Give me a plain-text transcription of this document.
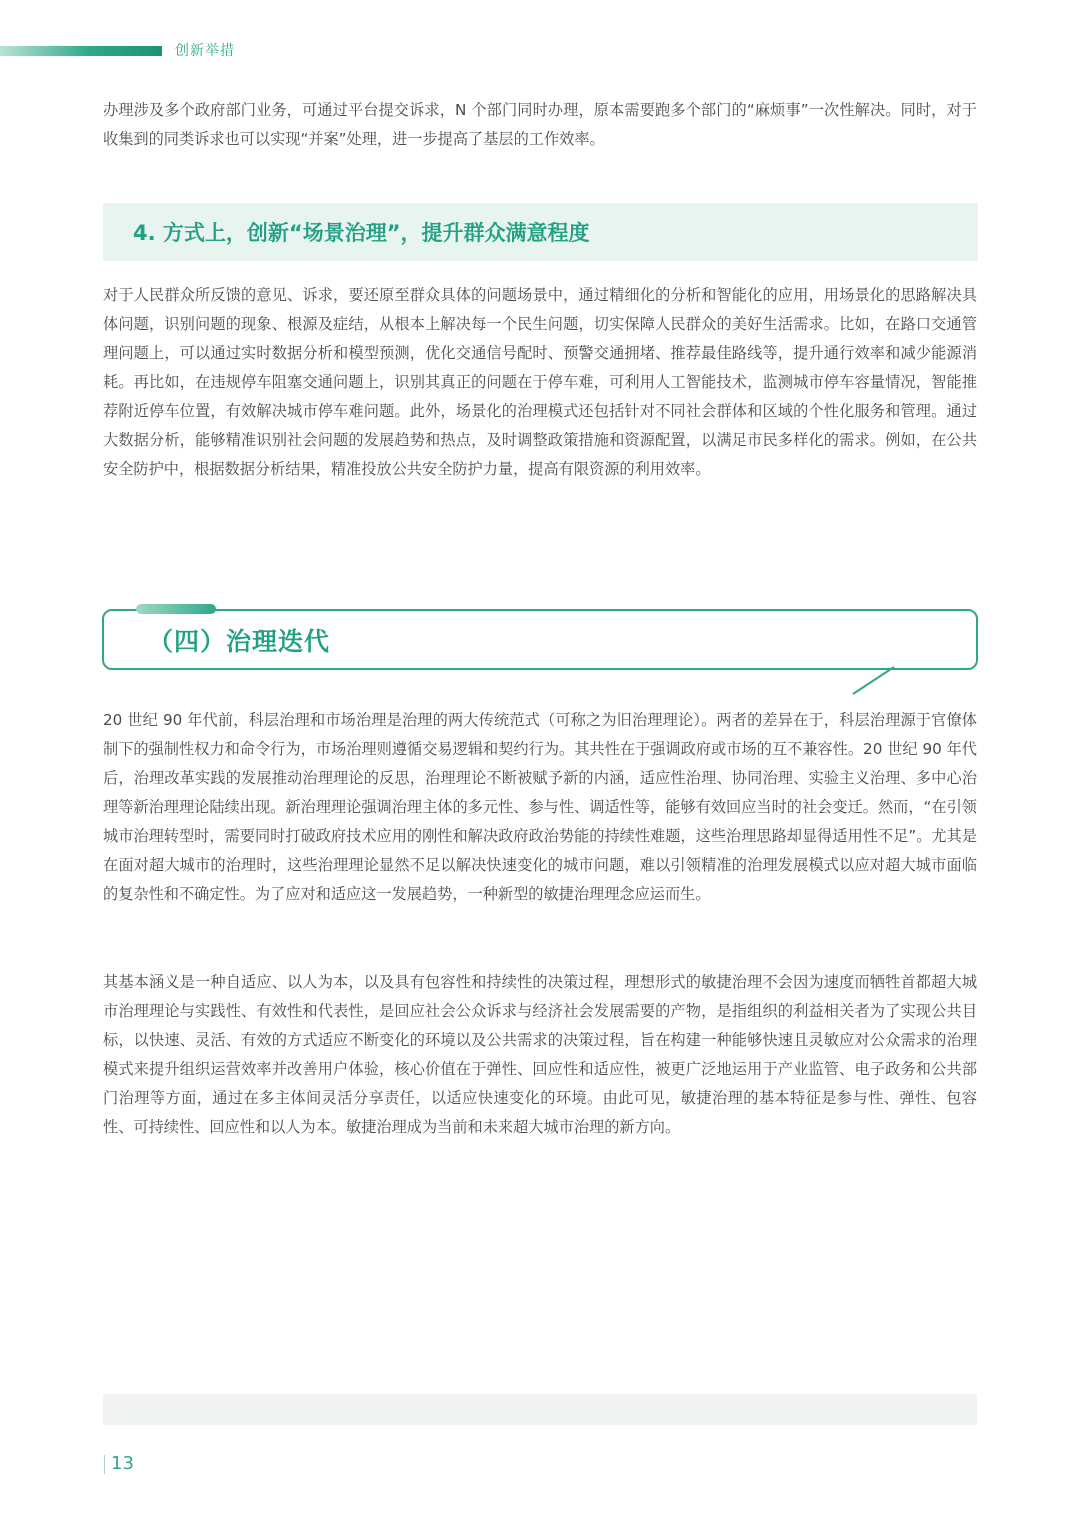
创新举措

办理涉及多个政府部门业务，可通过平台提交诉求，N 个部门同时办理，原本需要跑多个部门的“麻烦事”一次性解决。同时，对于收集到的同类诉求也可以实现“并案”处理，进一步提高了基层的工作效率。

4. 方式上，创新“场景治理”，提升群众满意程度

对于人民群众所反馈的意见、诉求，要还原至群众具体的问题场景中，通过精细化的分析和智能化的应用，用场景化的思路解决具体问题，识别问题的现象、根源及症结，从根本上解决每一个民生问题，切实保障人民群众的美好生活需求。比如，在路口交通管理问题上，可以通过实时数据分析和模型预测，优化交通信号配时、预警交通拥堵、推荐最佳路线等，提升通行效率和减少能源消耗。再比如，在违规停车阻塞交通问题上，识别其真正的问题在于停车难，可利用人工智能技术，监测城市停车容量情况，智能推荐附近停车位置，有效解决城市停车难问题。此外，场景化的治理模式还包括针对不同社会群体和区域的个性化服务和管理。通过大数据分析，能够精准识别社会问题的发展趋势和热点，及时调整政策措施和资源配置，以满足市民多样化的需求。例如，在公共安全防护中，根据数据分析结果，精准投放公共安全防护力量，提高有限资源的利用效率。

（四）治理迭代

20 世纪 90 年代前，科层治理和市场治理是治理的两大传统范式（可称之为旧治理理论）。两者的差异在于，科层治理源于官僚体制下的强制性权力和命令行为，市场治理则遵循交易逻辑和契约行为。其共性在于强调政府或市场的互不兼容性。20 世纪 90 年代后，治理改革实践的发展推动治理理论的反思，治理理论不断被赋予新的内涵，适应性治理、协同治理、实验主义治理、多中心治理等新治理理论陆续出现。新治理理论强调治理主体的多元性、参与性、调适性等，能够有效回应当时的社会变迁。然而，“在引领城市治理转型时，需要同时打破政府技术应用的刚性和解决政府政治势能的持续性难题，这些治理思路却显得适用性不足”。尤其是在面对超大城市的治理时，这些治理理论显然不足以解决快速变化的城市问题，难以引领精准的治理发展模式以应对超大城市面临的复杂性和不确定性。为了应对和适应这一发展趋势，一种新型的敏捷治理理念应运而生。

其基本涵义是一种自适应、以人为本，以及具有包容性和持续性的决策过程，理想形式的敏捷治理不会因为速度而牺牲首都超大城市治理理论与实践性、有效性和代表性，是回应社会公众诉求与经济社会发展需要的产物，是指组织的利益相关者为了实现公共目标，以快速、灵活、有效的方式适应不断变化的环境以及公共需求的决策过程，旨在构建一种能够快速且灵敏应对公众需求的治理模式来提升组织运营效率并改善用户体验，核心价值在于弹性、回应性和适应性，被更广泛地运用于产业监管、电子政务和公共部门治理等方面，通过在多主体间灵活分享责任，以适应快速变化的环境。由此可见，敏捷治理的基本特征是参与性、弹性、包容性、可持续性、回应性和以人为本。敏捷治理成为当前和未来超大城市治理的新方向。

13
